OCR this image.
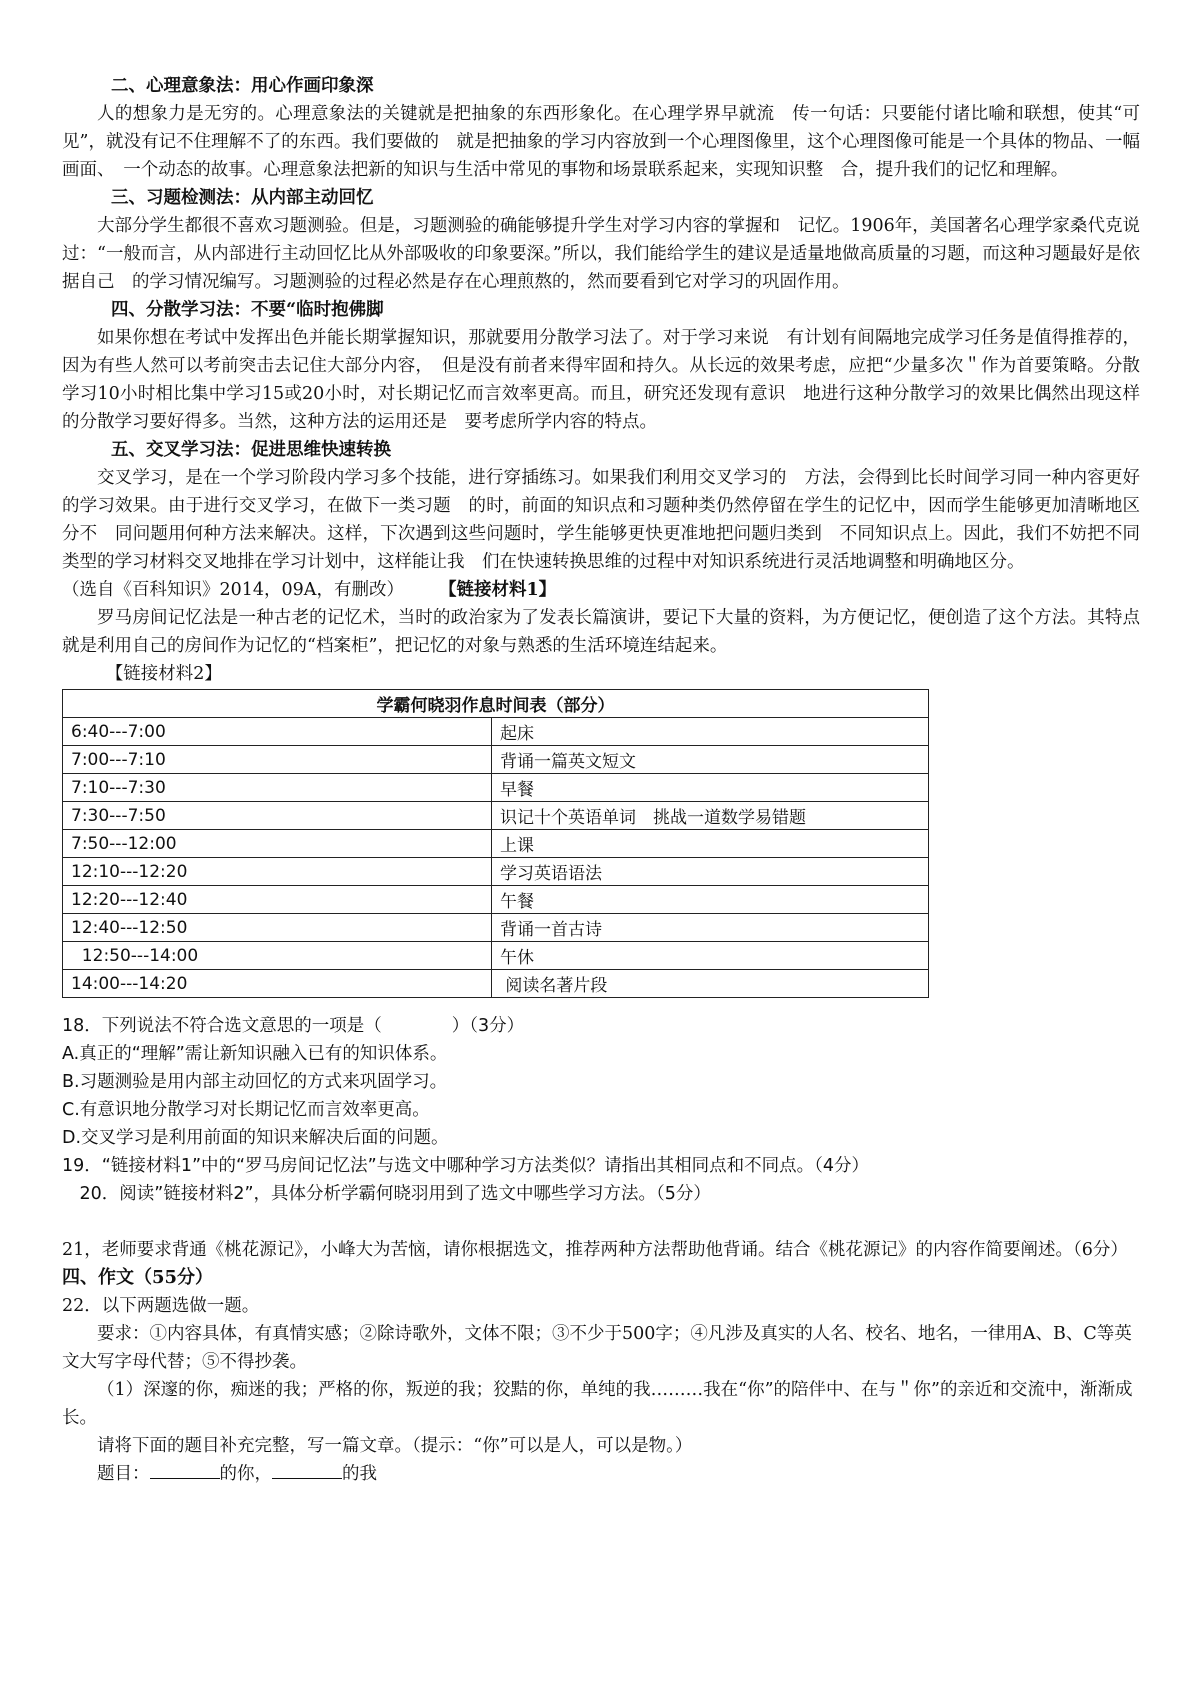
二、心理意象法：用心作画印象深

人的想象力是无穷的。心理意象法的关键就是把抽象的东西形象化。在心理学界早就流　传一句话：只要能付诸比喻和联想，使其“可见”，就没有记不住理解不了的东西。我们要做的　就是把抽象的学习内容放到一个心理图像里，这个心理图像可能是一个具体的物品、一幅画面、　一个动态的故事。心理意象法把新的知识与生活中常见的事物和场景联系起来，实现知识整　合，提升我们的记忆和理解。

三、习题检测法：从内部主动回忆

大部分学生都很不喜欢习题测验。但是，习题测验的确能够提升学生对学习内容的掌握和　记忆。1906年，美国著名心理学家桑代克说过：“一般而言，从内部进行主动回忆比从外部吸收的印象要深。”所以，我们能给学生的建议是适量地做高质量的习题，而这种习题最好是依据自己　的学习情况编写。习题测验的过程必然是存在心理煎熬的，然而要看到它对学习的巩固作用。

四、分散学习法：不要“临时抱佛脚

如果你想在考试中发挥出色并能长期掌握知识，那就要用分散学习法了。对于学习来说　有计划有间隔地完成学习任务是值得推荐的，因为有些人然可以考前突击去记住大部分内容，　但是没有前者来得牢固和持久。从长远的效果考虑，应把“少量多次＂作为首要策略。分散　学习10小时相比集中学习15或20小时，对长期记忆而言效率更高。而且，研究还发现有意识　地进行这种分散学习的效果比偶然出现这样的分散学习要好得多。当然，这种方法的运用还是　要考虑所学内容的特点。

五、交叉学习法：促进思维快速转换

交叉学习，是在一个学习阶段内学习多个技能，进行穿插练习。如果我们利用交叉学习的　方法，会得到比长时间学习同一种内容更好的学习效果。由于进行交叉学习，在做下一类习题　的时，前面的知识点和习题种类仍然停留在学生的记忆中，因而学生能够更加清晰地区分不　同问题用何种方法来解决。这样，下次遇到这些问题时，学生能够更快更准地把问题归类到　不同知识点上。因此，我们不妨把不同类型的学习材料交叉地排在学习计划中，这样能让我　们在快速转换思维的过程中对知识系统进行灵活地调整和明确地区分。

（选自《百科知识》2014，09A，有删改）　　　	【链接材料1】

罗马房间记忆法是一种古老的记忆术，当时的政治家为了发表长篇演讲，要记下大量的资料，为方便记忆，便创造了这个方法。其特点就是利用自己的房间作为记忆的“档案柜”，把记忆的对象与熟悉的生活环境连结起来。

【链接材料2】

学霸何晓羽作息时间表（部分）	
6:40---7:00	起床
7:00---7:10	背诵一篇英文短文
7:10---7:30	早餐
7:30---7:50	识记十个英语单词　挑战一道数学易错题
7:50---12:00	上课
12:10---12:20	学习英语语法
12:20---12:40	午餐
12:40---12:50	背诵一首古诗
12:50---14:00	午休
14:00---14:20	阅读名著片段

18．下列说法不符合选文意思的一项是（　　　　）（3分）

A.真正的“理解”需让新知识融入已有的知识体系。

B.习题测验是用内部主动回忆的方式来巩固学习。

C.有意识地分散学习对长期记忆而言效率更高。

D.交叉学习是利用前面的知识来解决后面的问题。

19．“链接材料1”中的“罗马房间记忆法”与选文中哪种学习方法类似？请指出其相同点和不同点。（4分）

20．阅读”链接材料2”，具体分析学霸何晓羽用到了选文中哪些学习方法。（5分）

21，老师要求背通《桃花源记》，小峰大为苦恼，请你根据选文，推荐两种方法帮助他背诵。结合《桃花源记》的内容作简要阐述。（6分）

四、作文（55分）

22．以下两题选做一题。

要求：①内容具体，有真情实感；②除诗歌外，文体不限；③不少于500字；④凡涉及真实的人名、校名、地名，一律用A、B、C等英文大写字母代替；⑤不得抄袭。

（1）深邃的你，痴迷的我；严格的你，叛逆的我；狡黠的你，单纯的我………我在“你”的陪伴中、在与＂你”的亲近和交流中，渐渐成长。

请将下面的题目补充完整，写一篇文章。（提示：“你”可以是人，可以是物。）

题目：	的你，	的我
